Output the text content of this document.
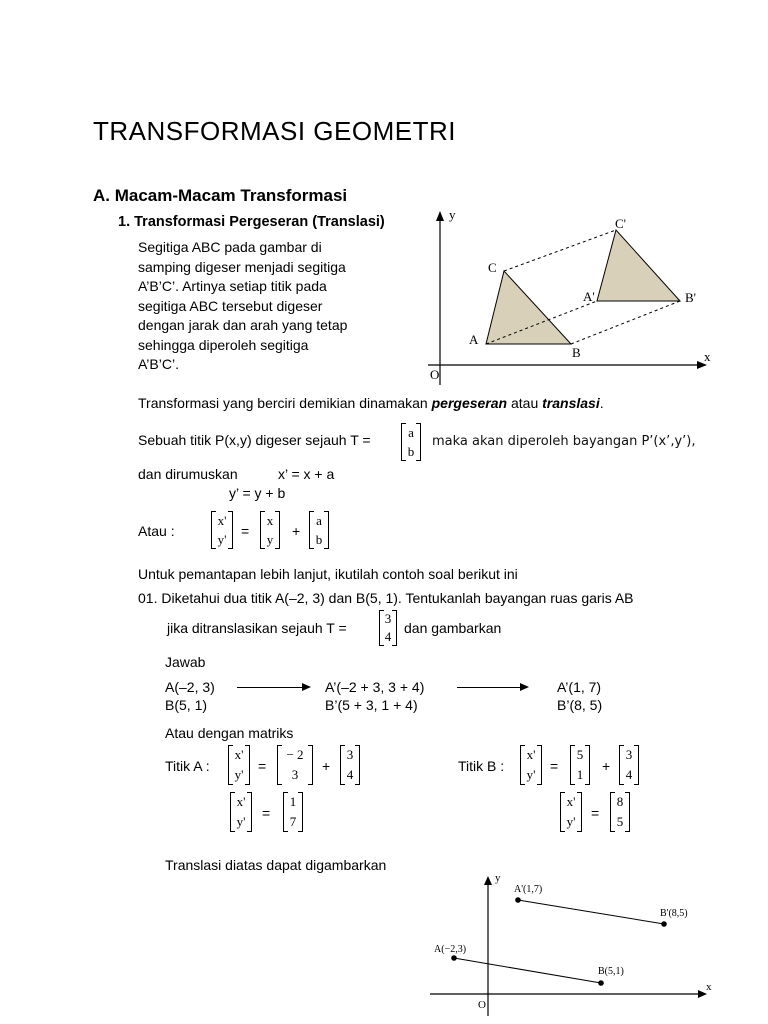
TRANSFORMASI GEOMETRI
A. Macam-Macam Transformasi
1. Transformasi Pergeseran (Translasi)
Segitiga ABC pada gambar di
samping digeser menjadi segitiga
A’B’C’. Artinya setiap titik pada
segitiga ABC tersebut digeser
dengan jarak dan arah yang tetap
sehingga diperoleh segitiga
A’B’C’.
y
x
O
A
B
C
A'	B'
C'
Transformasi yang berciri demikian dinamakan pergeseran atau translasi.
Sebuah titik P(x,y) digeser sejauh T =	a
b
maka akan diperoleh bayangan P’(x’,y’),
dan dirumuskan	x’ = x + a
y’ = y + b
Atau :
x'
y' =
x
y +
a
b
Untuk pemantapan lebih lanjut, ikutilah contoh soal berikut ini
01. Diketahui dua titik A(–2, 3) dan B(5, 1). Tentukanlah bayangan ruas garis AB
jika ditranslasikan sejauh T =
3
4
dan gambarkan
Jawab
A(–2, 3)	A’(–2 + 3, 3 + 4)	A’(1, 7)
B(5, 1)	B’(5 + 3, 1 + 4)	B’(8, 5)
Atau dengan matriks
Titik A :
x'
y'
=
− 2
3
+
3
4
x'
y'
=
1
7
Titik B :
x'
y'
=
5
1
+
3
4
x'
y'
=
8
5
Translasi diatas dapat digambarkan
y
x
O
A'(1,7)
B'(8,5)
A(−2,3)
B(5,1)
